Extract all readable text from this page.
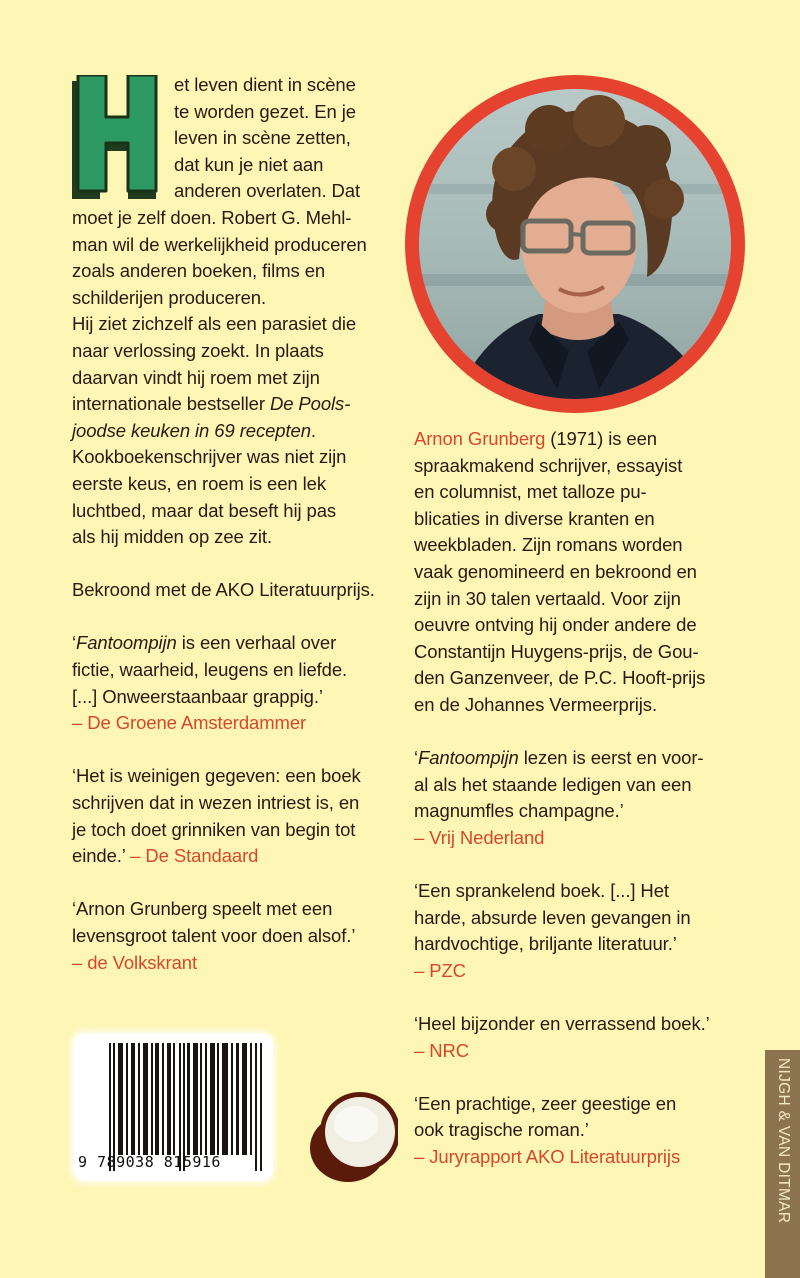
et leven dient in scène
te worden gezet. En je
leven in scène zetten,
dat kun je niet aan
anderen overlaten. Dat
moet je zelf doen. Robert G. Mehl-
man wil de werkelijkheid produceren
zoals anderen boeken, films en
schilderijen produceren.
Hij ziet zichzelf als een parasiet die
naar verlossing zoekt. In plaats
daarvan vindt hij roem met zijn
internationale bestseller De Pools-
joodse keuken in 69 recepten.
Kookboekenschrijver was niet zijn
eerste keus, en roem is een lek
luchtbed, maar dat beseft hij pas
als hij midden op zee zit.
Bekroond met de AKO Literatuurprijs.
‘Fantoompijn is een verhaal over
fictie, waarheid, leugens en liefde.
[...] Onweerstaanbaar grappig.’
– De Groene Amsterdammer
‘Het is weinigen gegeven: een boek
schrijven dat in wezen intriest is, en
je toch doet grinniken van begin tot
einde.’ – De Standaard
‘Arnon Grunberg speelt met een
levensgroot talent voor doen alsof.’
– de Volkskrant
Arnon Grunberg (1971) is een
spraakmakend schrijver, essayist
en columnist, met talloze pu-
blicaties in diverse kranten en
weekbladen. Zijn romans worden
vaak genomineerd en bekroond en
zijn in 30 talen vertaald. Voor zijn
oeuvre ontving hij onder andere de
Constantijn Huygens-prijs, de Gou-
den Ganzenveer, de P.C. Hooft-prijs
en de Johannes Vermeerprijs.
‘Fantoompijn lezen is eerst en voor-
al als het staande ledigen van een
magnumfles champagne.’
– Vrij Nederland
‘Een sprankelend boek. [...] Het
harde, absurde leven gevangen in
hardvochtige, briljante literatuur.’
– PZC
‘Heel bijzonder en verrassend boek.’
– NRC
‘Een prachtige, zeer geestige en
ook tragische roman.’
– Juryrapport AKO Literatuurprijs
9 789038 815916	NIJGH & VAN DITMAR
